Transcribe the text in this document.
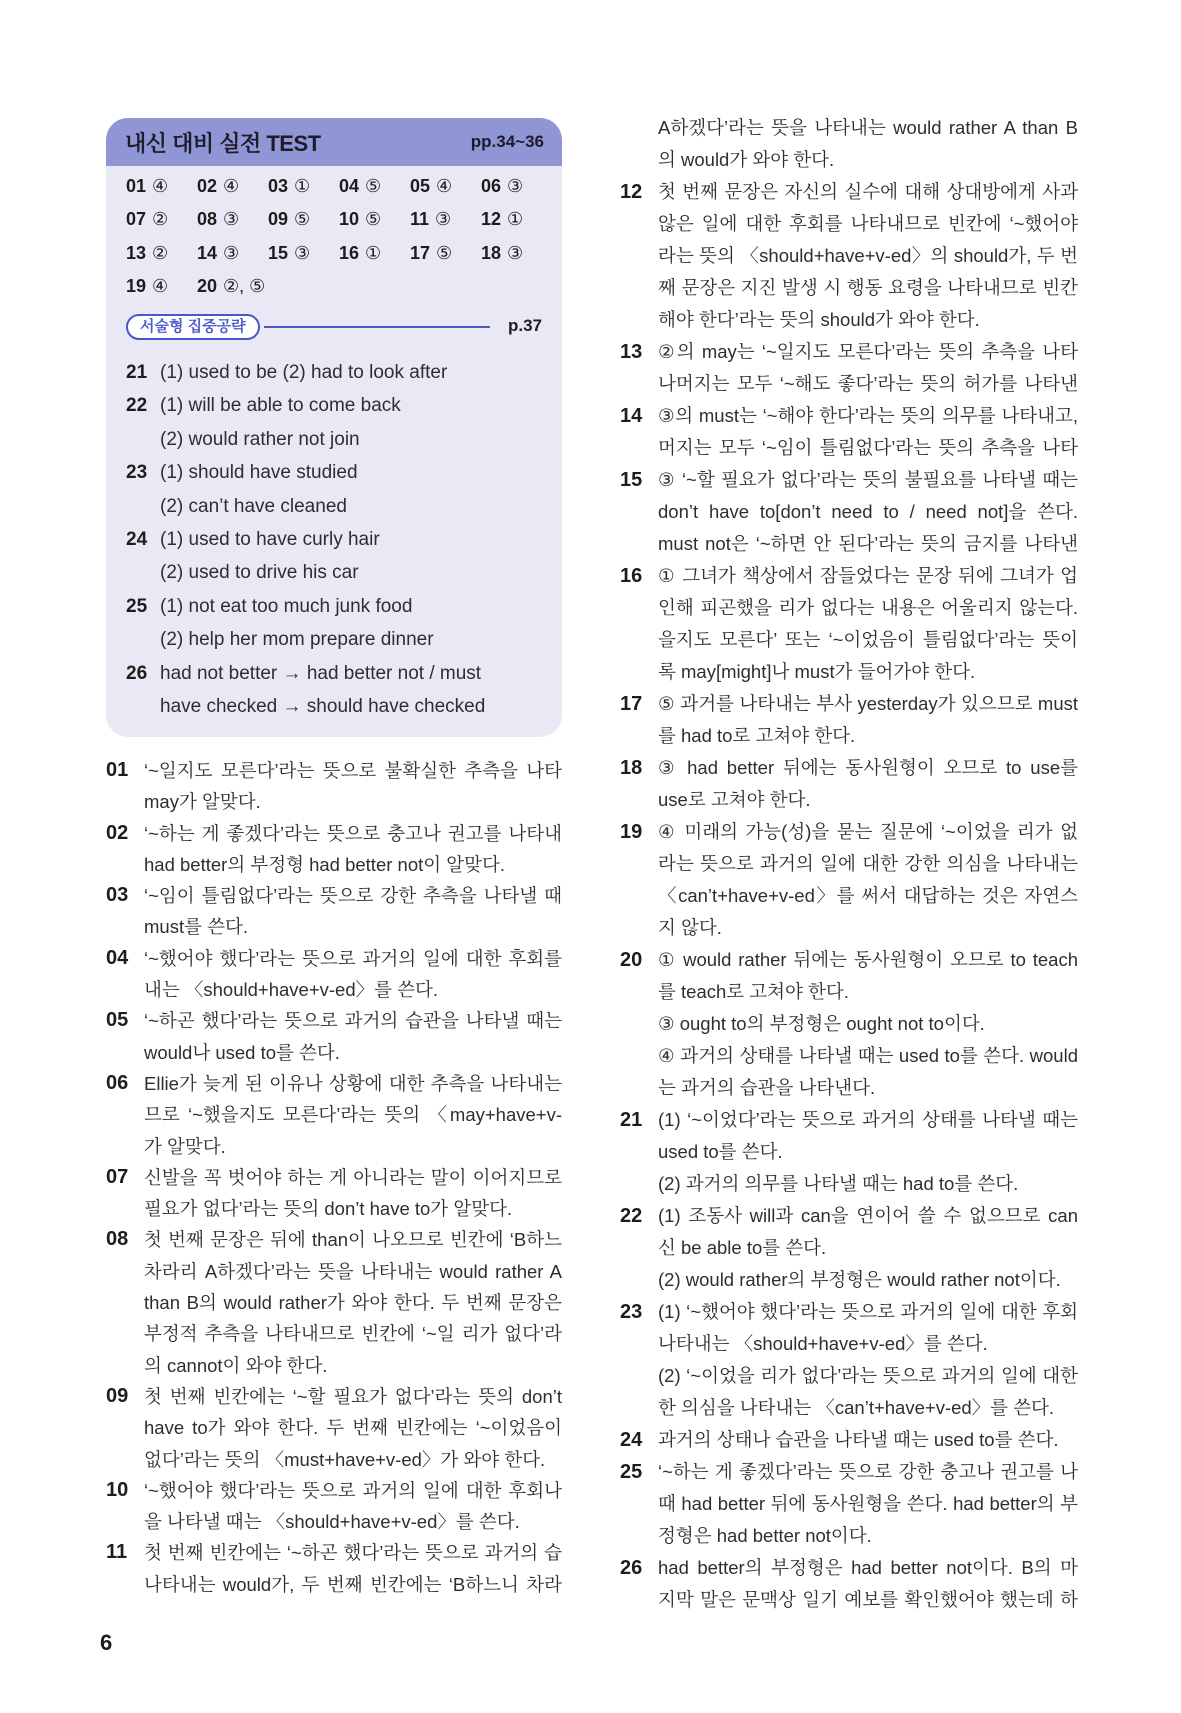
내신 대비 실전 TEST	pp.34~36
01 ④ 02 ④ 03 ① 04 ⑤ 05 ④ 06 ③
07 ② 08 ③ 09 ⑤ 10 ⑤ 11 ③ 12 ①
13 ② 14 ③ 15 ③ 16 ① 17 ⑤ 18 ③
19 ④ 20 ②, ⑤
서술형 집중공략	p.37
21 (1) used to be (2) had to look after
22 (1) will be able to come back
(2) would rather not join
23 (1) should have studied
(2) can’t have cleaned
24 (1) used to have curly hair
(2) used to drive his car
25 (1) not eat too much junk food
(2) help her mom prepare dinner
26 had not better → had better not / must
have checked → should have checked
01 ‘~일지도 모른다’라는 뜻으로 불확실한 추측을 나타
may가 알맞다.
02 ‘~하는 게 좋겠다’라는 뜻으로 충고나 권고를 나타내
had better의 부정형 had better not이 알맞다.
03 ‘~임이 틀림없다’라는 뜻으로 강한 추측을 나타낼 때
must를 쓴다.
04 ‘~했어야 했다’라는 뜻으로 과거의 일에 대한 후회를
내는 〈should+have+v-ed〉를 쓴다.
05 ‘~하곤 했다’라는 뜻으로 과거의 습관을 나타낼 때는
would나 used to를 쓴다.
06 Ellie가 늦게 된 이유나 상황에 대한 추측을 나타내는
므로 ‘~했을지도 모른다’라는 뜻의 〈may+have+v-
가 알맞다.
07 신발을 꼭 벗어야 하는 게 아니라는 말이 이어지므로
필요가 없다’라는 뜻의 don’t have to가 알맞다.
08 첫 번째 문장은 뒤에 than이 나오므로 빈칸에 ‘B하느
차라리 A하겠다’라는 뜻을 나타내는 would rather A
than B의 would rather가 와야 한다. 두 번째 문장은
부정적 추측을 나타내므로 빈칸에 ‘~일 리가 없다’라
의 cannot이 와야 한다.
09 첫 번째 빈칸에는 ‘~할 필요가 없다’라는 뜻의 don’t
have to가 와야 한다. 두 번째 빈칸에는 ‘~이었음이
없다’라는 뜻의 〈must+have+v-ed〉가 와야 한다.
10 ‘~했어야 했다’라는 뜻으로 과거의 일에 대한 후회나
을 나타낼 때는 〈should+have+v-ed〉를 쓴다.
11 첫 번째 빈칸에는 ‘~하곤 했다’라는 뜻으로 과거의 습
나타내는 would가, 두 번째 빈칸에는 ‘B하느니 차라
A하겠다’라는 뜻을 나타내는 would rather A than B
의 would가 와야 한다.
12 첫 번째 문장은 자신의 실수에 대해 상대방에게 사과
않은 일에 대한 후회를 나타내므로 빈칸에 ‘~했어야
라는 뜻의 〈should+have+v-ed〉의 should가, 두 번
째 문장은 지진 발생 시 행동 요령을 나타내므로 빈칸
해야 한다’라는 뜻의 should가 와야 한다.
13 ②의 may는 ‘~일지도 모른다’라는 뜻의 추측을 나타
나머지는 모두 ‘~해도 좋다’라는 뜻의 허가를 나타낸
14 ③의 must는 ‘~해야 한다’라는 뜻의 의무를 나타내고,
머지는 모두 ‘~임이 틀림없다’라는 뜻의 추측을 나타
15 ③ ‘~할 필요가 없다’라는 뜻의 불필요를 나타낼 때는
don’t have to[don’t need to / need not]을 쓴다.
must not은 ‘~하면 안 된다’라는 뜻의 금지를 나타낸
16 ① 그녀가 책상에서 잠들었다는 문장 뒤에 그녀가 업
인해 피곤했을 리가 없다는 내용은 어울리지 않는다.
을지도 모른다’ 또는 ‘~이었음이 틀림없다’라는 뜻이
록 may[might]나 must가 들어가야 한다.
17 ⑤ 과거를 나타내는 부사 yesterday가 있으므로 must
를 had to로 고쳐야 한다.
18 ③ had better 뒤에는 동사원형이 오므로 to use를
use로 고쳐야 한다.
19 ④ 미래의 가능(성)을 묻는 질문에 ‘~이었을 리가 없
라는 뜻으로 과거의 일에 대한 강한 의심을 나타내는
〈can’t+have+v-ed〉를 써서 대답하는 것은 자연스
지 않다.
20 ① would rather 뒤에는 동사원형이 오므로 to teach
를 teach로 고쳐야 한다.
③ ought to의 부정형은 ought not to이다.
④ 과거의 상태를 나타낼 때는 used to를 쓴다. would
는 과거의 습관을 나타낸다.
21 (1) ‘~이었다’라는 뜻으로 과거의 상태를 나타낼 때는
used to를 쓴다.
(2) 과거의 의무를 나타낼 때는 had to를 쓴다.
22 (1) 조동사 will과 can을 연이어 쓸 수 없으므로 can
신 be able to를 쓴다.
(2) would rather의 부정형은 would rather not이다.
23 (1) ‘~했어야 했다’라는 뜻으로 과거의 일에 대한 후회
나타내는 〈should+have+v-ed〉를 쓴다.
(2) ‘~이었을 리가 없다’라는 뜻으로 과거의 일에 대한
한 의심을 나타내는 〈can’t+have+v-ed〉를 쓴다.
24 과거의 상태나 습관을 나타낼 때는 used to를 쓴다.
25 ‘~하는 게 좋겠다’라는 뜻으로 강한 충고나 권고를 나
때 had better 뒤에 동사원형을 쓴다. had better의 부
정형은 had better not이다.
26 had better의 부정형은 had better not이다. B의 마
지막 말은 문맥상 일기 예보를 확인했어야 했는데 하
6
